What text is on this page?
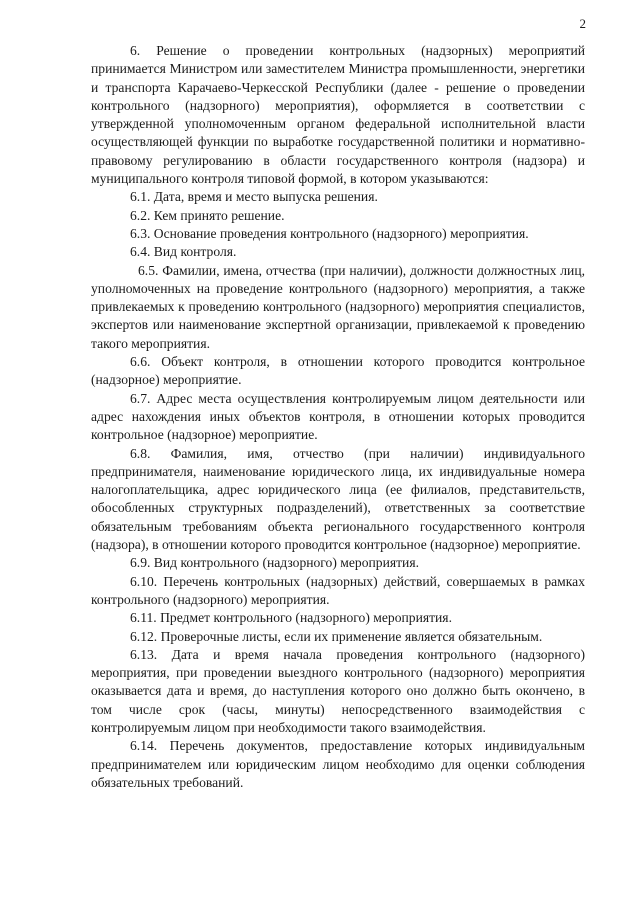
2

6. Решение о проведении контрольных (надзорных) мероприятий принимается Министром или заместителем Министра промышленности, энергетики и транспорта Карачаево-Черкесской Республики (далее - решение о проведении контрольного (надзорного) мероприятия), оформляется в соответствии с утвержденной уполномоченным органом федеральной исполнительной власти осуществляющей функции по выработке государственной политики и нормативно-правовому регулированию в области государственного контроля (надзора) и муниципального контроля типовой формой, в котором указываются:

6.1. Дата, время и место выпуска решения.

6.2. Кем принято решение.

6.3. Основание проведения контрольного (надзорного) мероприятия.

6.4. Вид контроля.

6.5. Фамилии, имена, отчества (при наличии), должности должностных лиц, уполномоченных на проведение контрольного (надзорного) мероприятия, а также привлекаемых к проведению контрольного (надзорного) мероприятия специалистов, экспертов или наименование экспертной организации, привлекаемой к проведению такого мероприятия.

6.6. Объект контроля, в отношении которого проводится контрольное (надзорное) мероприятие.

6.7. Адрес места осуществления контролируемым лицом деятельности или адрес нахождения иных объектов контроля, в отношении которых проводится контрольное (надзорное) мероприятие.

6.8. Фамилия, имя, отчество (при наличии) индивидуального предпринимателя, наименование юридического лица, их индивидуальные номера налогоплательщика, адрес юридического лица (ее филиалов, представительств, обособленных структурных подразделений), ответственных за соответствие обязательным требованиям объекта регионального государственного контроля (надзора), в отношении которого проводится контрольное (надзорное) мероприятие.

6.9. Вид контрольного (надзорного) мероприятия.

6.10. Перечень контрольных (надзорных) действий, совершаемых в рамках контрольного (надзорного) мероприятия.

6.11. Предмет контрольного (надзорного) мероприятия.

6.12. Проверочные листы, если их применение является обязательным.

6.13. Дата и время начала проведения контрольного (надзорного) мероприятия, при проведении выездного контрольного (надзорного) мероприятия оказывается дата и время, до наступления которого оно должно быть окончено, в том числе срок (часы, минуты) непосредственного взаимодействия с контролируемым лицом при необходимости такого взаимодействия.

6.14. Перечень документов, предоставление которых индивидуальным предпринимателем или юридическим лицом необходимо для оценки соблюдения обязательных требований.
